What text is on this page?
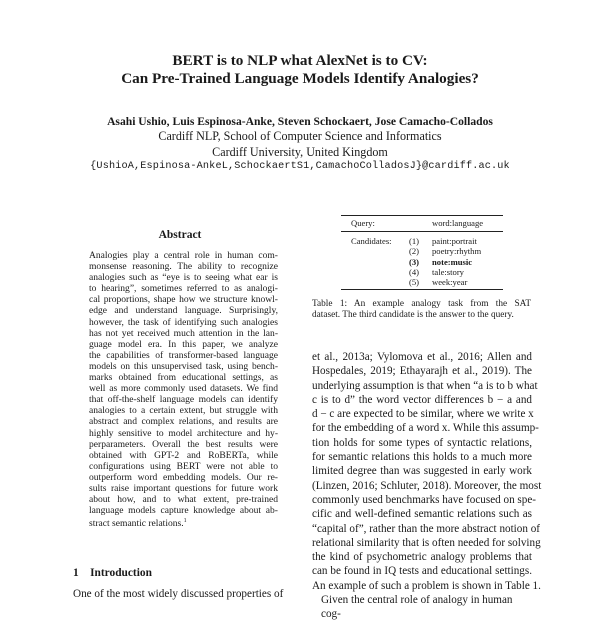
BERT is to NLP what AlexNet is to CV:
Can Pre-Trained Language Models Identify Analogies?
Asahi Ushio, Luis Espinosa-Anke, Steven Schockaert, Jose Camacho-Collados
Cardiff NLP, School of Computer Science and Informatics
Cardiff University, United Kingdom
{UshioA,Espinosa-AnkeL,SchockaertS1,CamachoColladosJ}@cardiff.ac.uk
Abstract
Analogies play a central role in human com-
monsense reasoning. The ability to recognize
analogies such as “eye is to seeing what ear is
to hearing”, sometimes referred to as analogi-
cal proportions, shape how we structure knowl-
edge and understand language. Surprisingly,
however, the task of identifying such analogies
has not yet received much attention in the lan-
guage model era. In this paper, we analyze
the capabilities of transformer-based language
models on this unsupervised task, using bench-
marks obtained from educational settings, as
well as more commonly used datasets. We find
that off-the-shelf language models can identify
analogies to a certain extent, but struggle with
abstract and complex relations, and results are
highly sensitive to model architecture and hy-
perparameters. Overall the best results were
obtained with GPT-2 and RoBERTa, while
configurations using BERT were not able to
outperform word embedding models. Our re-
sults raise important questions for future work
about how, and to what extent, pre-trained
language models capture knowledge about ab-
stract semantic relations.$^1$
1 Introduction
One of the most widely discussed properties of
Query:	word:language
Candidates: (1)
(2)
(3)
(4)
(5)
paint:portrait
poetry:rhythm
note:music
tale:story
week:year
Table 1: An example analogy task from the SAT
dataset. The third candidate is the answer to the query.
et al., 2013a; Vylomova et al., 2016; Allen and
Hospedales, 2019; Ethayarajh et al., 2019). The
underlying assumption is that when “a is to b what
c is to d” the word vector differences b − a and
d − c are expected to be similar, where we write x
for the embedding of a word x. While this assump-
tion holds for some types of syntactic relations,
for semantic relations this holds to a much more
limited degree than was suggested in early work
(Linzen, 2016; Schluter, 2018). Moreover, the most
commonly used benchmarks have focused on spe-
cific and well-defined semantic relations such as
“capital of”, rather than the more abstract notion of
relational similarity that is often needed for solving
the kind of psychometric analogy problems that
can be found in IQ tests and educational settings.
An example of such a problem is shown in Table 1.
Given the central role of analogy in human cog-
